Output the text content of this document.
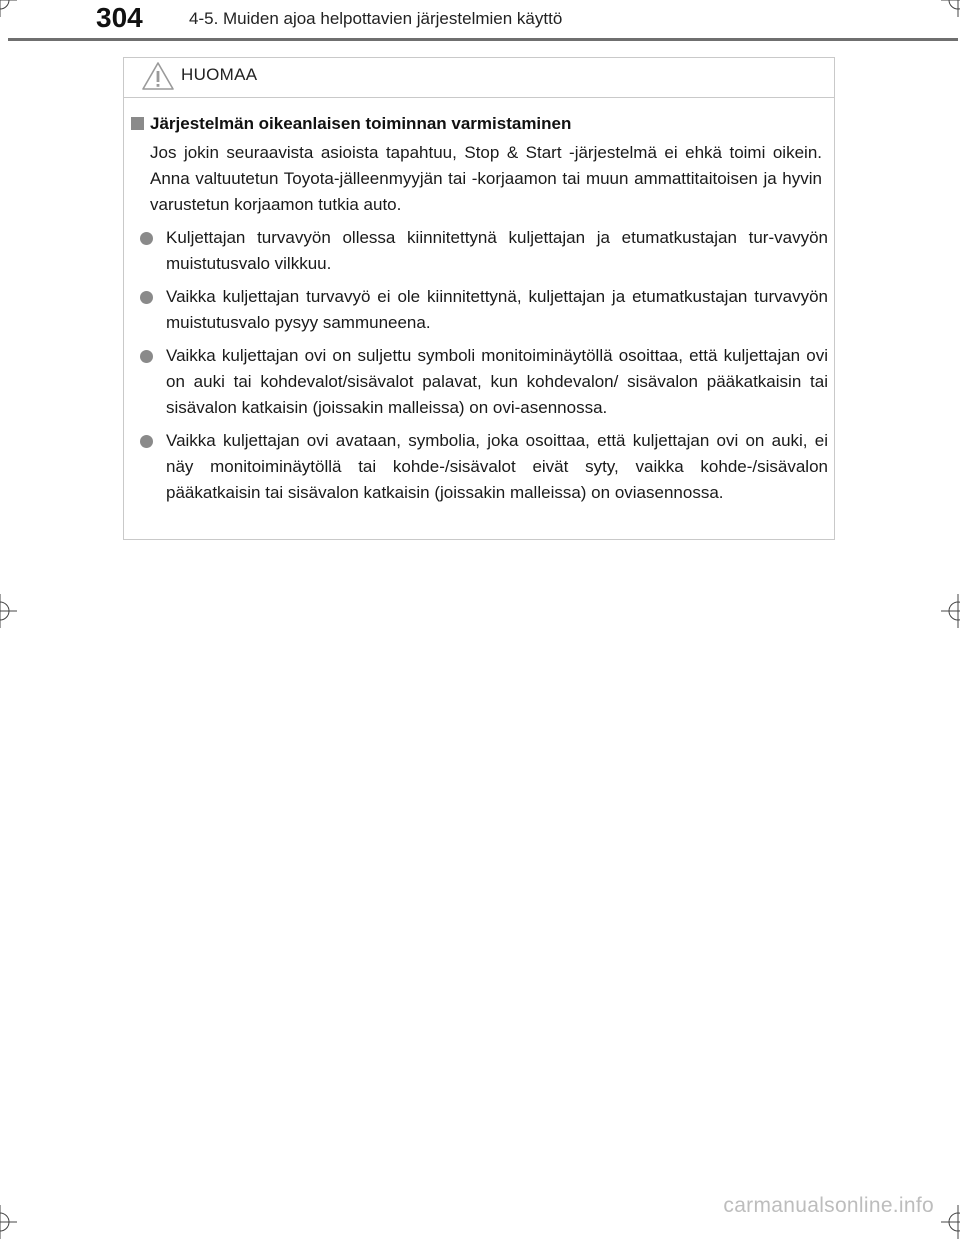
304	4-5. Muiden ajoa helpottavien järjestelmien käyttö
HUOMAA
Järjestelmän oikeanlaisen toiminnan varmistaminen
Jos jokin seuraavista asioista tapahtuu, Stop & Start -järjestelmä ei ehkä toimi oikein. Anna valtuutetun Toyota-jälleenmyyjän tai -korjaamon tai muun ammattitaitoisen ja hyvin varustetun korjaamon tutkia auto.
Kuljettajan turvavyön ollessa kiinnitettynä kuljettajan ja etumatkustajan tur-vavyön muistutusvalo vilkkuu.
Vaikka kuljettajan turvavyö ei ole kiinnitettynä, kuljettajan ja etumatkustajan turvavyön muistutusvalo pysyy sammuneena.
Vaikka kuljettajan ovi on suljettu symboli monitoiminäytöllä osoittaa, että kuljettajan ovi on auki tai kohdevalot/sisävalot palavat, kun kohdevalon/ sisävalon pääkatkaisin tai sisävalon katkaisin (joissakin malleissa) on ovi-asennossa.
Vaikka kuljettajan ovi avataan, symbolia, joka osoittaa, että kuljettajan ovi on auki, ei näy monitoiminäytöllä tai kohde-/sisävalot eivät syty, vaikka kohde-/sisävalon pääkatkaisin tai sisävalon katkaisin (joissakin malleissa) on oviasennossa.
carmanualsonline.info
